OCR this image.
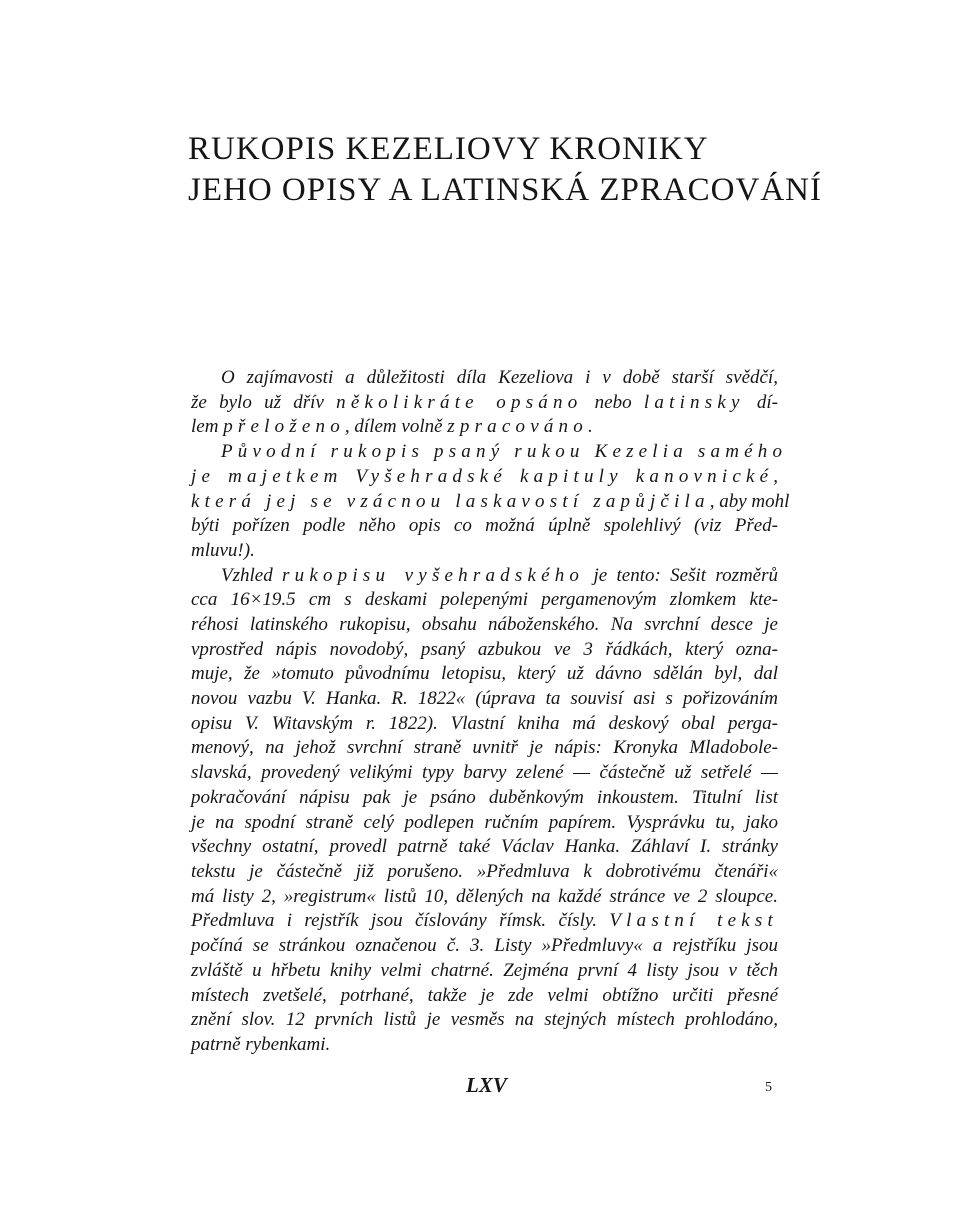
RUKOPIS KEZELIOVY KRONIKY
JEHO OPISY A LATINSKÁ ZPRACOVÁNÍ
O zajímavosti a důležitosti díla Kezeliova i v době starší svědčí,
že bylo už dřív několikráte opsáno nebo latinsky dí-
lem přeloženo, dílem volně zpracováno.
Původní rukopis psaný rukou Kezelia samého
je majetkem Vyšehradské kapituly kanovnické,
která jej se vzácnou laskavostí zapůjčila, aby mohl
býti pořízen podle něho opis co možná úplně spolehlivý (viz Před-
mluvu!).
Vzhled rukopisu vyšehradského je tento: Sešit rozměrů
cca 16×19.5 cm s deskami polepenými pergamenovým zlomkem kte-
réhosi latinského rukopisu, obsahu náboženského. Na svrchní desce je
vprostřed nápis novodobý, psaný azbukou ve 3 řádkách, který ozna-
muje, že »tomuto původnímu letopisu, který už dávno sdělán byl, dal
novou vazbu V. Hanka. R. 1822« (úprava ta souvisí asi s pořizováním
opisu V. Witavským r. 1822). Vlastní kniha má deskový obal perga-
menový, na jehož svrchní straně uvnitř je nápis: Kronyka Mladobole-
slavská, provedený velikými typy barvy zelené — částečně už setřelé —
pokračování nápisu pak je psáno duběnkovým inkoustem. Titulní list
je na spodní straně celý podlepen ručním papírem. Vysprávku tu, jako
všechny ostatní, provedl patrně také Václav Hanka. Záhlaví I. stránky
tekstu je částečně již porušeno. »Předmluva k dobrotivému čtenáři«
má listy 2, »registrum« listů 10, dělených na každé stránce ve 2 sloupce.
Předmluva i rejstřík jsou číslovány římsk. čísly. Vlastní tekst
počíná se stránkou označenou č. 3. Listy »Předmluvy« a rejstříku jsou
zvláště u hřbetu knihy velmi chatrné. Zejména první 4 listy jsou v těch
místech zvetšelé, potrhané, takže je zde velmi obtížno určiti přesné
znění slov. 12 prvních listů je vesměs na stejných místech prohlodáno,
patrně rybenkami.
LXV	5
